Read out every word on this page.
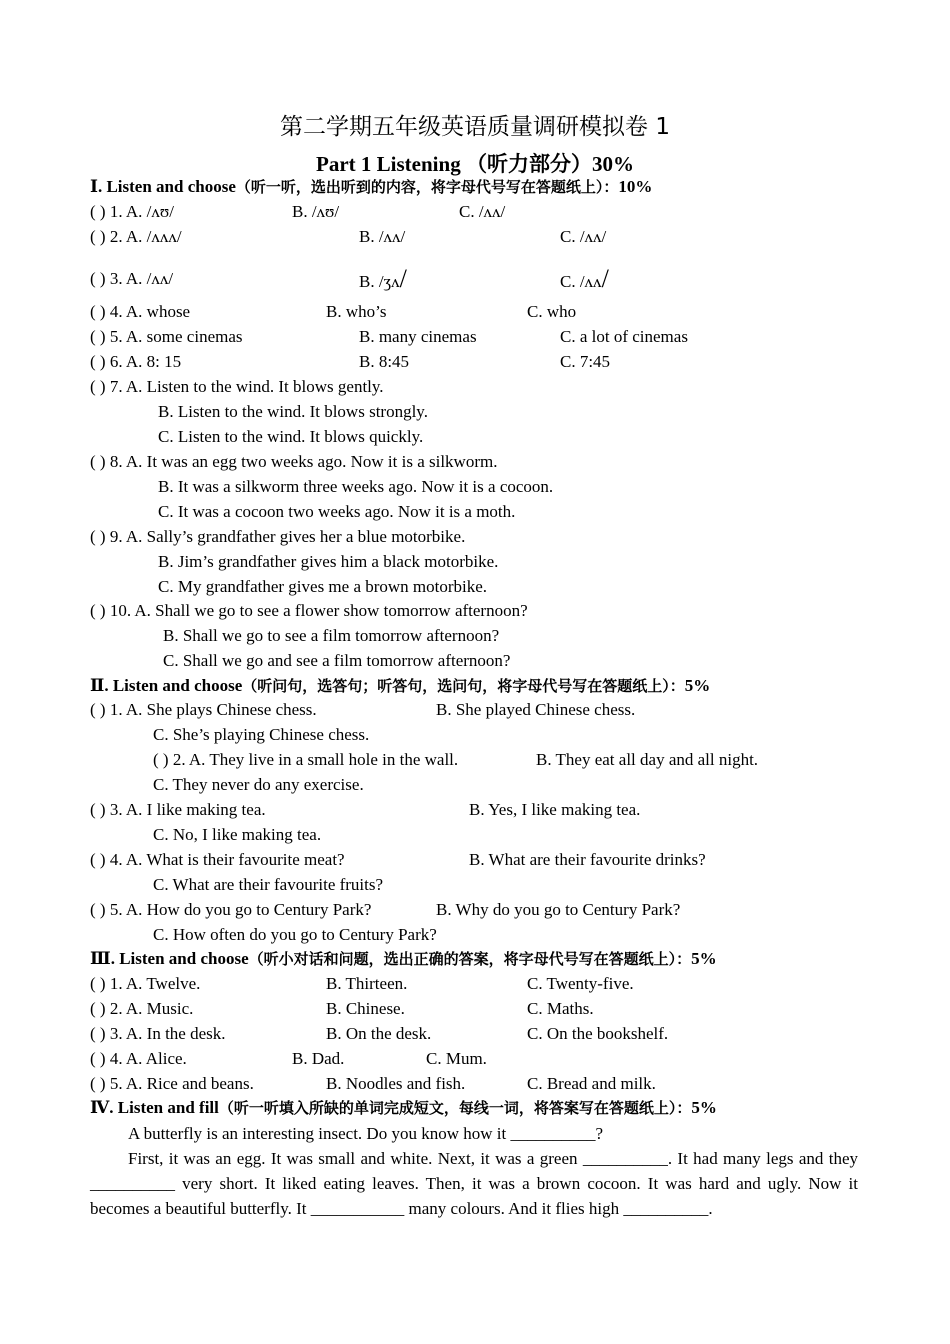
第二学期五年级英语质量调研模拟卷 1
Part 1 Listening （听力部分）30%
Ⅰ. Listen and choose（听一听，选出听到的内容，将字母代号写在答题纸上）：10%
( ) 1. A. /ʌʊ/	B. /ʌʊ/	C. /ʌʌ/
( ) 2. A. /ʌʌʌ/	B. /ʌʌ/	C. /ʌʌ/
( ) 3. A. /ʌʌ/	B. /ʒʌ/	C. /ʌʌ/
( ) 4. A. whose	B. who’s	C. who
( ) 5. A. some cinemas	B. many cinemas	C. a lot of cinemas
( ) 6. A. 8: 15	B. 8:45	C. 7:45
( ) 7. A. Listen to the wind. It blows gently.
B. Listen to the wind. It blows strongly.
C. Listen to the wind. It blows quickly.
( ) 8. A. It was an egg two weeks ago. Now it is a silkworm.
B. It was a silkworm three weeks ago. Now it is a cocoon.
C. It was a cocoon two weeks ago. Now it is a moth.
( ) 9. A. Sally’s grandfather gives her a blue motorbike.
B. Jim’s grandfather gives him a black motorbike.
C. My grandfather gives me a brown motorbike.
( ) 10. A. Shall we go to see a flower show tomorrow afternoon?
B. Shall we go to see a film tomorrow afternoon?
C. Shall we go and see a film tomorrow afternoon?
Ⅱ. Listen and choose（听问句，选答句；听答句，选问句，将字母代号写在答题纸上）：5%
( ) 1. A. She plays Chinese chess.	B. She played Chinese chess.
C. She’s playing Chinese chess.
( ) 2. A. They live in a small hole in the wall.	B. They eat all day and all night.
C. They never do any exercise.
( ) 3. A. I like making tea.	B. Yes, I like making tea.
C. No, I like making tea.
( ) 4. A. What is their favourite meat?	B. What are their favourite drinks?
C. What are their favourite fruits?
( ) 5. A. How do you go to Century Park?	B. Why do you go to Century Park?
C. How often do you go to Century Park?
Ⅲ. Listen and choose（听小对话和问题，选出正确的答案，将字母代号写在答题纸上）：5%
( ) 1. A. Twelve.	B. Thirteen.	C. Twenty-five.
( ) 2. A. Music.	B. Chinese.	C. Maths.
( ) 3. A. In the desk.	B. On the desk.	C. On the bookshelf.
( ) 4. A. Alice.	B. Dad.	C. Mum.
( ) 5. A. Rice and beans.	B. Noodles and fish.	C. Bread and milk.
Ⅳ. Listen and fill（听一听填入所缺的单词完成短文，每线一词，将答案写在答题纸上）：5%

A butterfly is an interesting insect. Do you know how it __________?

First, it was an egg. It was small and white. Next, it was a green __________. It had many legs and they __________ very short. It liked eating leaves. Then, it was a brown cocoon. It was hard and ugly. Now it becomes a beautiful butterfly. It ___________ many colours. And it flies high __________.
